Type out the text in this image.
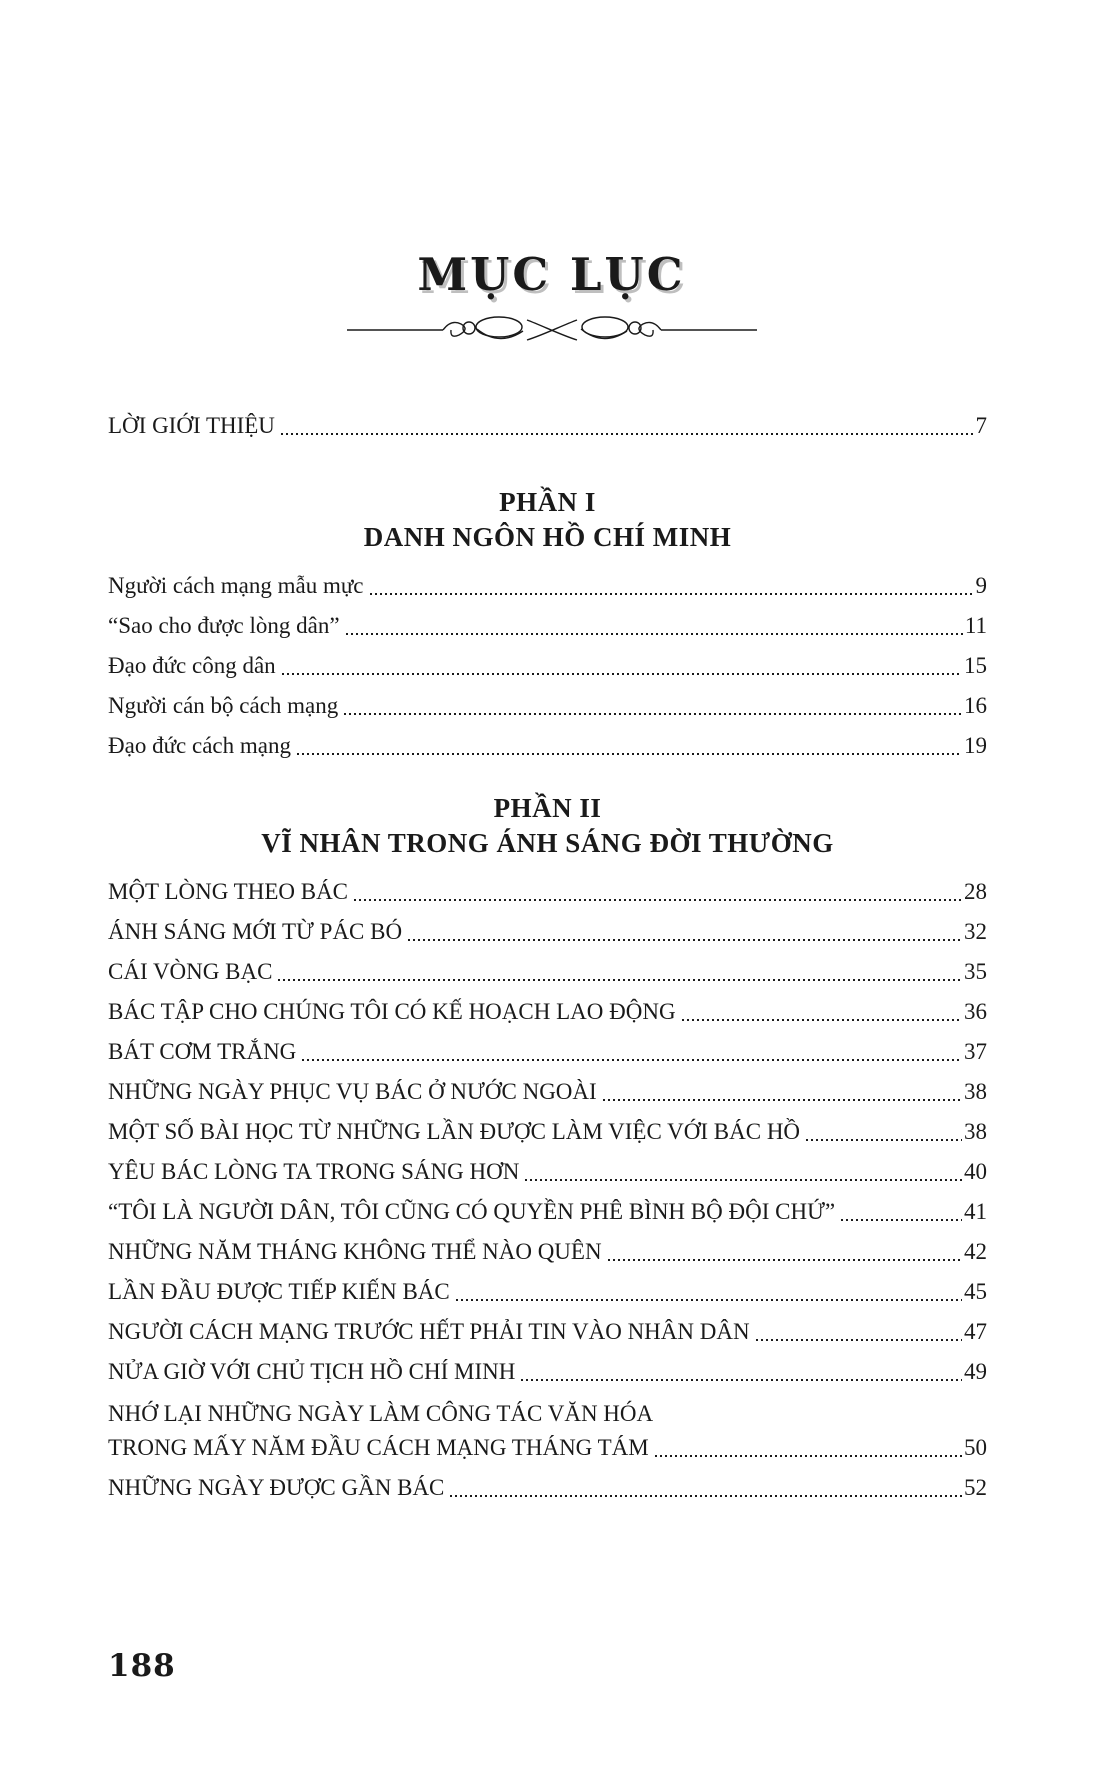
MỤC LỤC
LỜI GIỚI THIỆU	7
PHẦN I
DANH NGÔN HỒ CHÍ MINH
Người cách mạng mẫu mực	9
“Sao cho được lòng dân”	11
Đạo đức công dân	15
Người cán bộ cách mạng	16
Đạo đức cách mạng	19
PHẦN II
VĨ NHÂN TRONG ÁNH SÁNG ĐỜI THƯỜNG
MỘT LÒNG THEO BÁC	28
ÁNH SÁNG MỚI TỪ PÁC BÓ	32
CÁI VÒNG BẠC	35
BÁC TẬP CHO CHÚNG TÔI CÓ KẾ HOẠCH LAO ĐỘNG	36
BÁT CƠM TRẮNG	37
NHỮNG NGÀY PHỤC VỤ BÁC Ở NƯỚC NGOÀI	38
MỘT SỐ BÀI HỌC TỪ NHỮNG LẦN ĐƯỢC LÀM VIỆC VỚI BÁC HỒ	38
YÊU BÁC LÒNG TA TRONG SÁNG HƠN	40
“TÔI LÀ NGƯỜI DÂN, TÔI CŨNG CÓ QUYỀN PHÊ BÌNH BỘ ĐỘI CHỨ”	41
NHỮNG NĂM THÁNG KHÔNG THỂ NÀO QUÊN	42
LẦN ĐẦU ĐƯỢC TIẾP KIẾN BÁC	45
NGƯỜI CÁCH MẠNG TRƯỚC HẾT PHẢI TIN VÀO NHÂN DÂN	47
NỬA GIỜ VỚI CHỦ TỊCH HỒ CHÍ MINH	49
NHỚ LẠI NHỮNG NGÀY LÀM CÔNG TÁC VĂN HÓA
TRONG MẤY NĂM ĐẦU CÁCH MẠNG THÁNG TÁM	50
NHỮNG NGÀY ĐƯỢC GẦN BÁC	52
188
